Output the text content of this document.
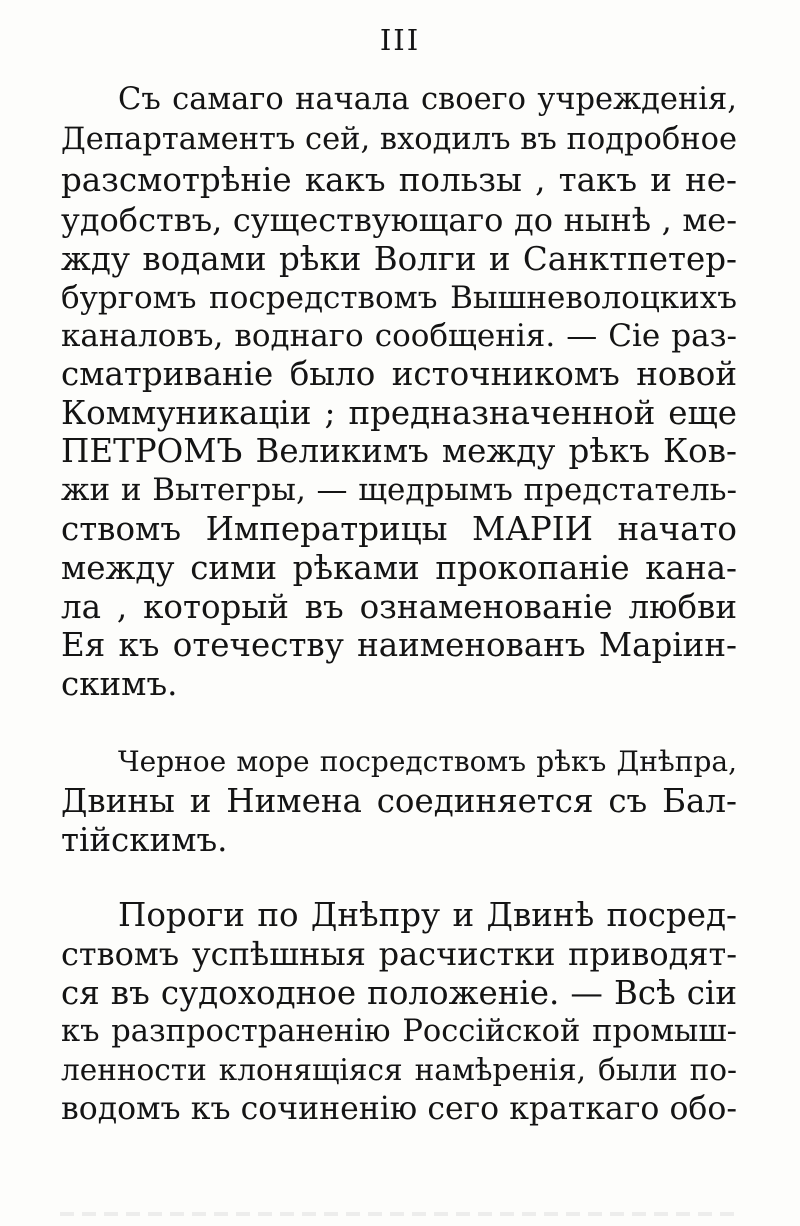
III
Съ самаго начала своего учрежденія,
Департаментъ сей, входилъ въ подробное
разсмотрѣніе какъ пользы , такъ и не-
удобствъ, существующаго до нынѣ , ме-
жду водами рѣки Волги и Санктпетер-
бургомъ посредствомъ Вышневолоцкихъ
каналовъ, воднаго сообщенія. — Сіе раз-
сматриваніе было источникомъ новой
Коммуникаціи ; предназначенной еще
ПЕТРОМЪ Великимъ между рѣкъ Ков-
жи и Вытегры, — щедрымъ предстатель-
ствомъ Императрицы МАРІИ начато
между сими рѣками прокопаніе кана-
ла , который въ ознаменованіе любви
Ея къ отечеству наименованъ Маріин-
скимъ.
Черное море посредствомъ рѣкъ Днѣпра,
Двины и Нимена соединяется съ Бал-
тійскимъ.
Пороги по Днѣпру и Двинѣ посред-
ствомъ успѣшныя расчистки приводят-
ся въ судоходное положеніе. — Всѣ сіи
къ разпространенію Россійской промыш-
ленности клонящіяся намѣренія, были по-
водомъ къ сочиненію сего краткаго обо-
